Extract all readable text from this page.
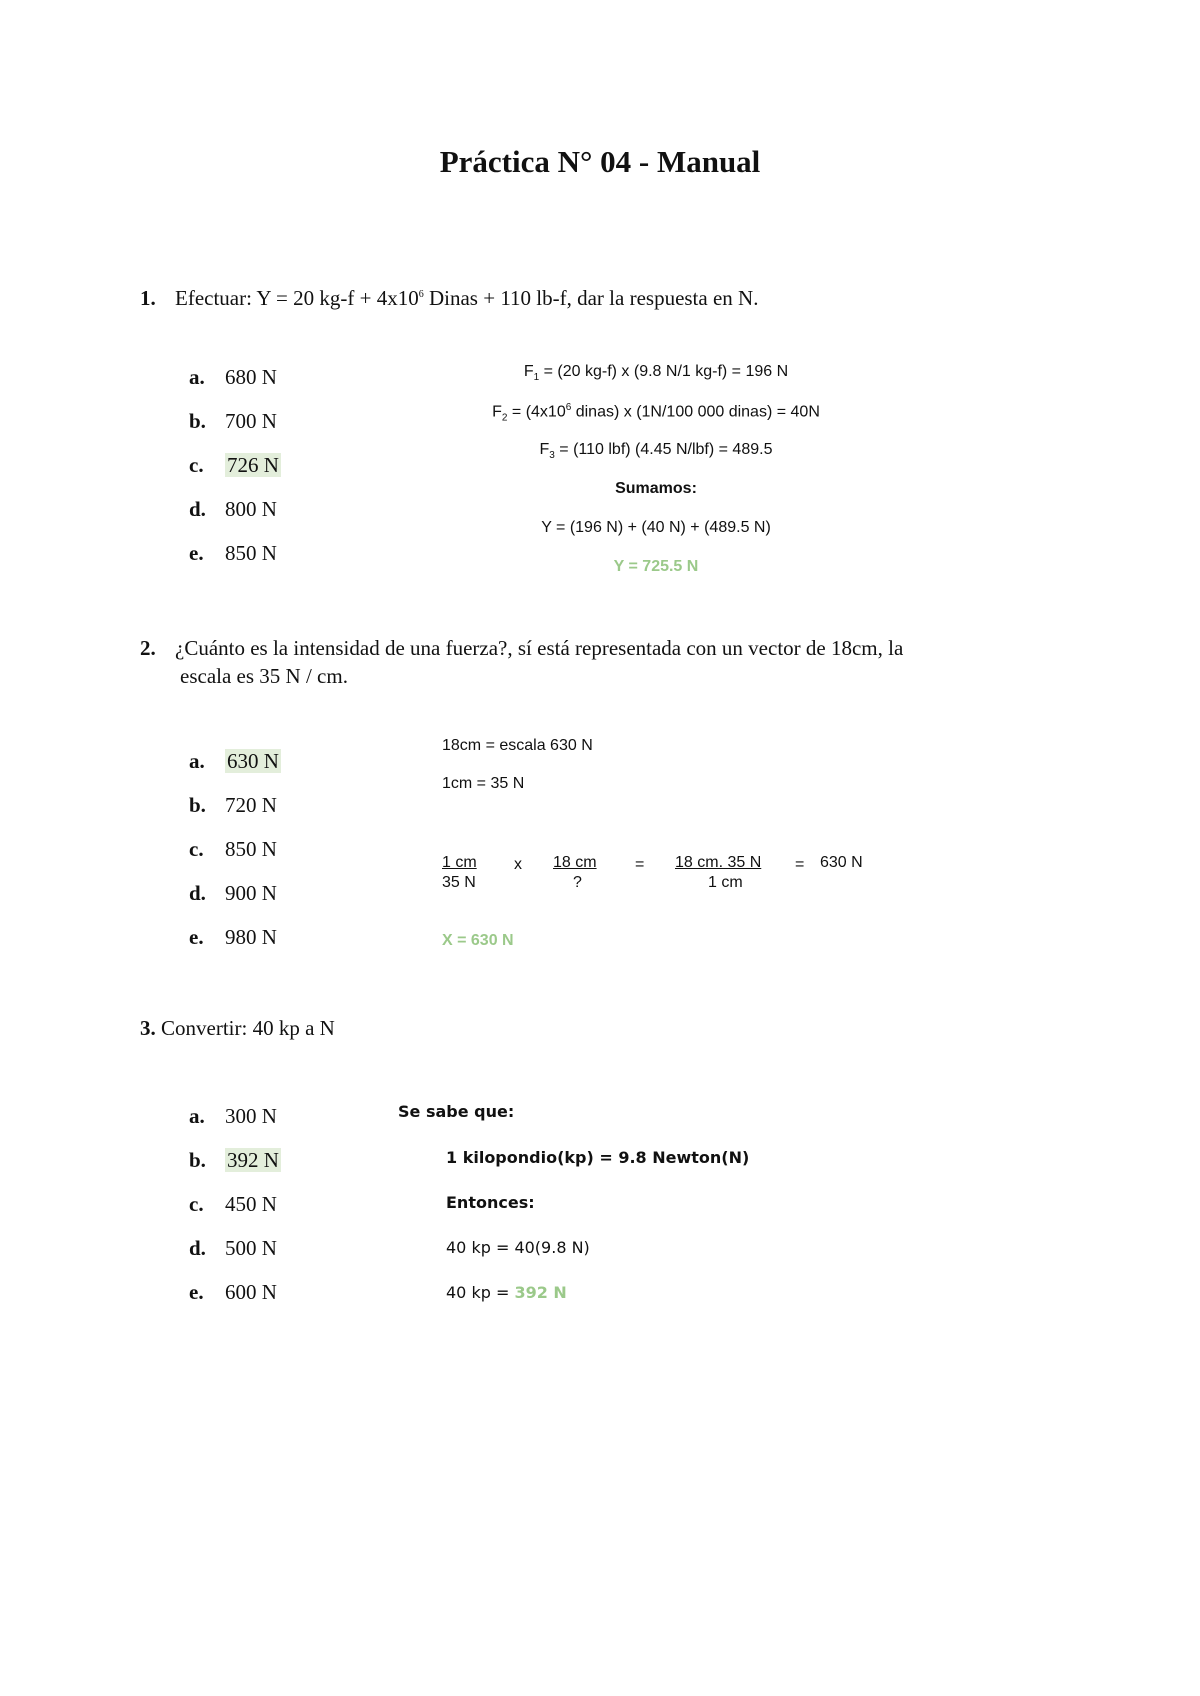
Práctica N° 04 - Manual
1. Efectuar: Y = 20 $kg-f + 4x10^6$ Dinas + 110 lb-f, dar la respuesta en N.
a. 680 N
b. 700 N
c. 726 N
d. 800 N
e. 850 N
$F_1 = (20$ kg-f) x (9.8 N/1 kg-f) = 196 N
$F_2 = (4x10^6$ dinas) x (1N/100 000 dinas) = 40N
$F_3 = (110$ lbf) (4.45 N/lbf) = 489.5
Sumamos:
Y = (196 N) + (40 N) + (489.5 N)
Y = 725.5 N
2. ¿Cuánto es la intensidad de una fuerza?, sí está representada con un vector de 18cm, la
escala es 35 N / cm.
a. 630 N
b. 720 N
c. 850 N
d. 900 N
e. 980 N
18cm = escala 630 N
1cm = 35 N
1 cm
35 N
x 18 cm
?
= 18 cm. 35 N
1 cm
= 630 N
X = 630 N
3. Convertir: 40 kp a N
a. 300 N
b. 392 N
c. 450 N
d. 500 N
e. 600 N
Se sabe que:
1 kilopondio(kp) = 9.8 Newton(N)
Entonces:
40 kp = 40(9.8 N)
40 kp = 392 N
